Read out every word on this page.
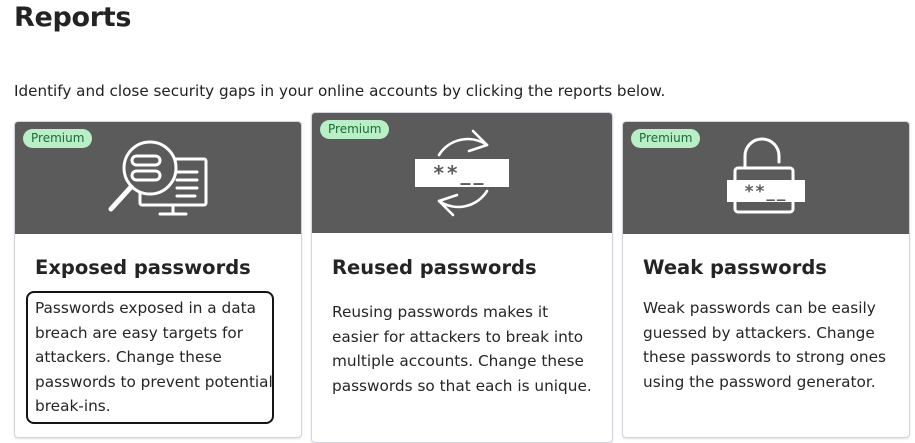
Reports
Identify and close security gaps in your online accounts by clicking the reports below.
Premium
Exposed passwords
Passwords exposed in a data breach are easy targets for attackers. Change these passwords to prevent potential break-ins.
Premium
**__
Reused passwords
Reusing passwords makes it easier for attackers to break into multiple accounts. Change these passwords so that each is unique.
Premium
**__
Weak passwords
Weak passwords can be easily guessed by attackers. Change these passwords to strong ones using the password generator.
